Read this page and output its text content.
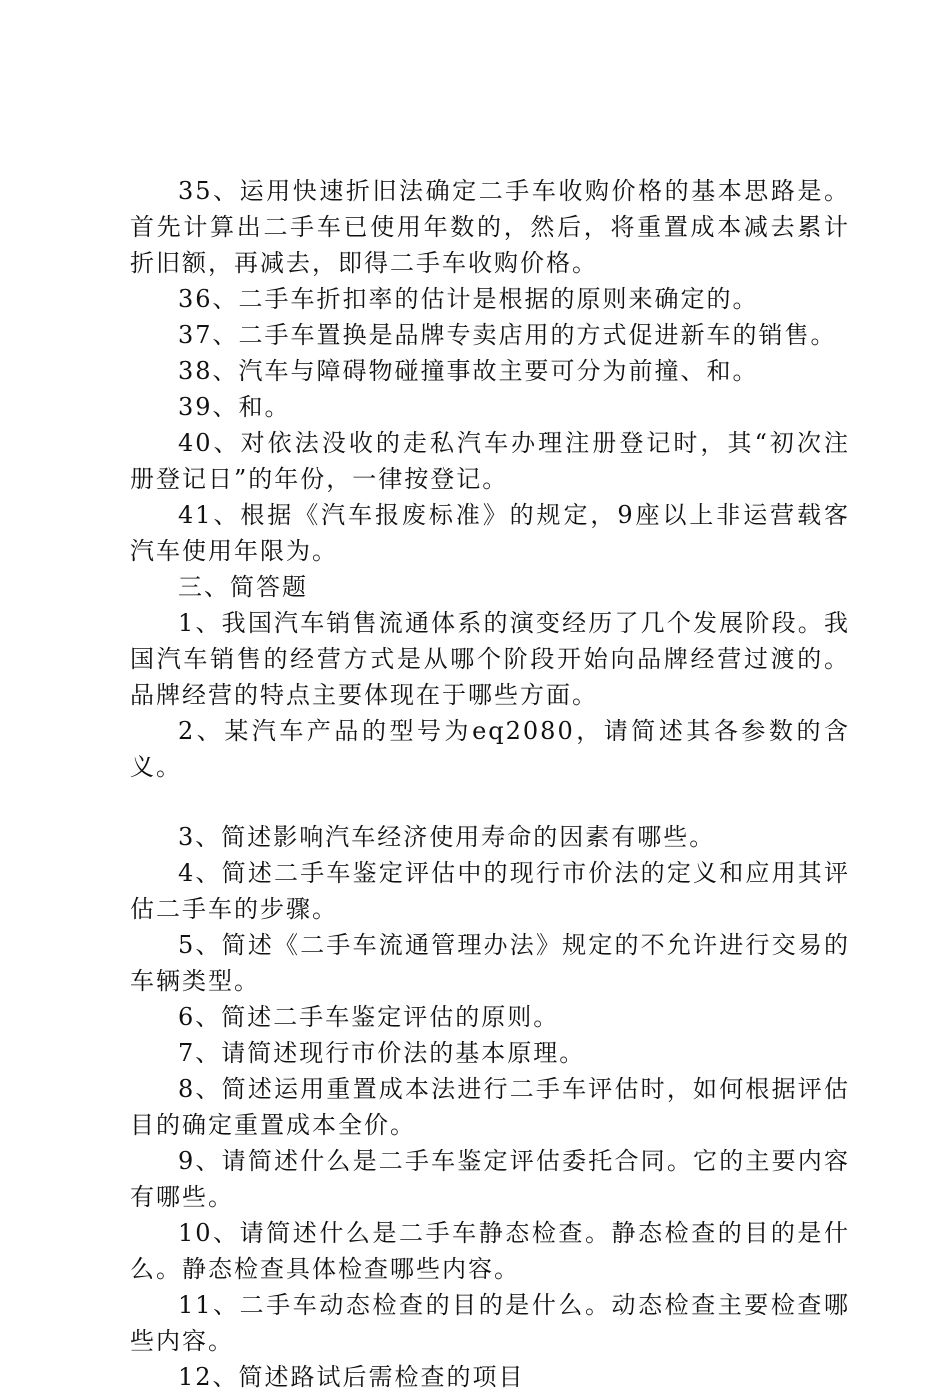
35、运用快速折旧法确定二手车收购价格的基本思路是。首先计算出二手车已使用年数的，然后，将重置成本减去累计折旧额，再减去，即得二手车收购价格。

36、二手车折扣率的估计是根据的原则来确定的。

37、二手车置换是品牌专卖店用的方式促进新车的销售。

38、汽车与障碍物碰撞事故主要可分为前撞、和。

39、和。

40、对依法没收的走私汽车办理注册登记时，其“初次注册登记日”的年份，一律按登记。

41、根据《汽车报废标准》的规定，9座以上非运营载客汽车使用年限为。

三、简答题

1、我国汽车销售流通体系的演变经历了几个发展阶段。我国汽车销售的经营方式是从哪个阶段开始向品牌经营过渡的。品牌经营的特点主要体现在于哪些方面。

2、某汽车产品的型号为eq2080，请简述其各参数的含义。

3、简述影响汽车经济使用寿命的因素有哪些。

4、简述二手车鉴定评估中的现行市价法的定义和应用其评估二手车的步骤。

5、简述《二手车流通管理办法》规定的不允许进行交易的车辆类型。

6、简述二手车鉴定评估的原则。

7、请简述现行市价法的基本原理。

8、简述运用重置成本法进行二手车评估时，如何根据评估目的确定重置成本全价。

9、请简述什么是二手车鉴定评估委托合同。它的主要内容有哪些。

10、请简述什么是二手车静态检查。静态检查的目的是什么。静态检查具体检查哪些内容。

11、二手车动态检查的目的是什么。动态检查主要检查哪些内容。

12、简述路试后需检查的项目
